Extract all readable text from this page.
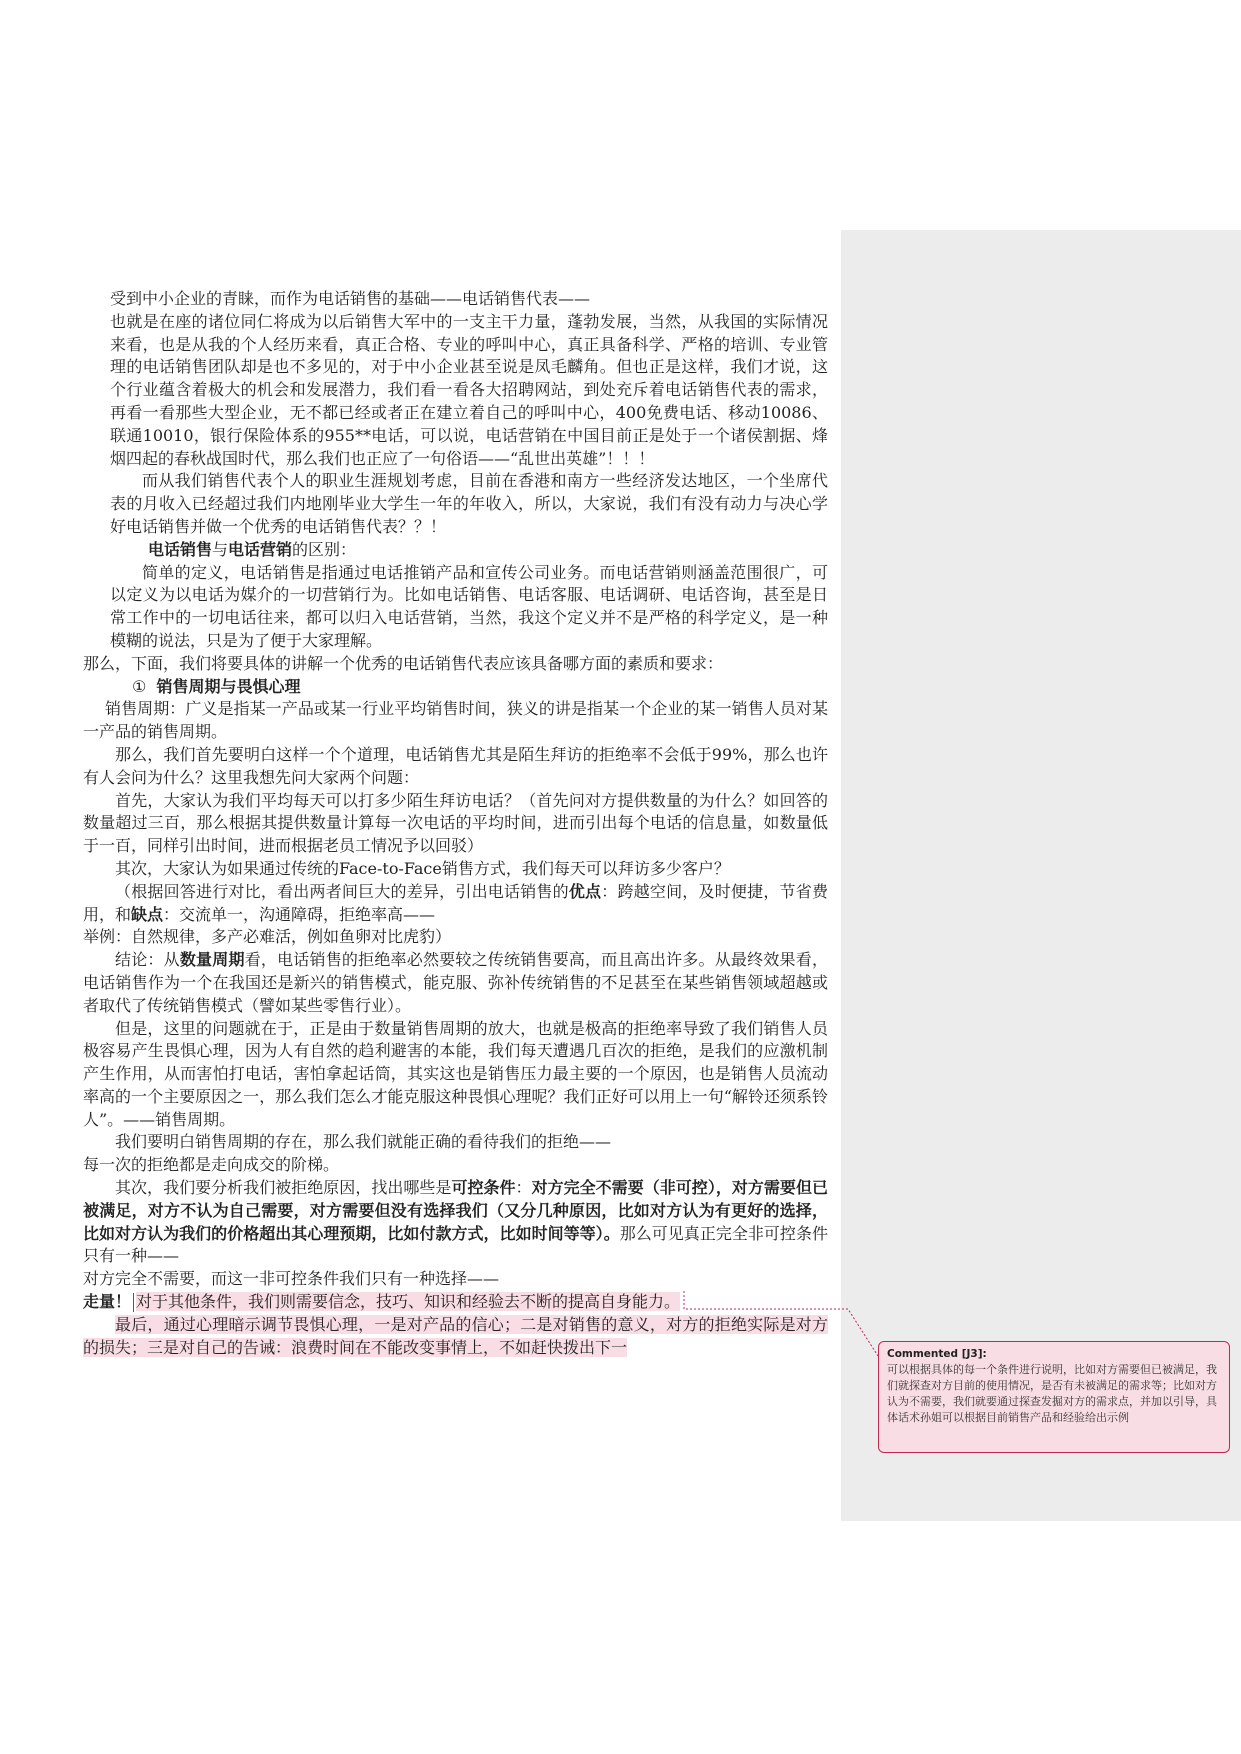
受到中小企业的青睐，而作为电话销售的基础——电话销售代表——

也就是在座的诸位同仁将成为以后销售大军中的一支主干力量，蓬勃发展，当然，从我国的实际情况来看，也是从我的个人经历来看，真正合格、专业的呼叫中心，真正具备科学、严格的培训、专业管理的电话销售团队却是也不多见的，对于中小企业甚至说是凤毛麟角。但也正是这样，我们才说，这个行业蕴含着极大的机会和发展潜力，我们看一看各大招聘网站，到处充斥着电话销售代表的需求，再看一看那些大型企业，无不都已经或者正在建立着自己的呼叫中心，400免费电话、移动10086、联通10010，银行保险体系的955**电话，可以说，电话营销在中国目前正是处于一个诸侯割据、烽烟四起的春秋战国时代，那么我们也正应了一句俗语——“乱世出英雄”！！！

而从我们销售代表个人的职业生涯规划考虑，目前在香港和南方一些经济发达地区，一个坐席代表的月收入已经超过我们内地刚毕业大学生一年的年收入，所以，大家说，我们有没有动力与决心学好电话销售并做一个优秀的电话销售代表？？！

电话销售与电话营销的区别：

简单的定义，电话销售是指通过电话推销产品和宣传公司业务。而电话营销则涵盖范围很广，可以定义为以电话为媒介的一切营销行为。比如电话销售、电话客服、电话调研、电话咨询，甚至是日常工作中的一切电话往来，都可以归入电话营销，当然，我这个定义并不是严格的科学定义，是一种模糊的说法，只是为了便于大家理解。

那么，下面，我们将要具体的讲解一个优秀的电话销售代表应该具备哪方面的素质和要求：

① 销售周期与畏惧心理

销售周期：广义是指某一产品或某一行业平均销售时间，狭义的讲是指某一个企业的某一销售人员对某一产品的销售周期。

那么，我们首先要明白这样一个个道理，电话销售尤其是陌生拜访的拒绝率不会低于99%，那么也许有人会问为什么？这里我想先问大家两个问题：

首先，大家认为我们平均每天可以打多少陌生拜访电话？（首先问对方提供数量的为什么？如回答的数量超过三百，那么根据其提供数量计算每一次电话的平均时间，进而引出每个电话的信息量，如数量低于一百，同样引出时间，进而根据老员工情况予以回驳）

其次，大家认为如果通过传统的Face-to-Face销售方式，我们每天可以拜访多少客户？

（根据回答进行对比，看出两者间巨大的差异，引出电话销售的优点：跨越空间，及时便捷，节省费用，和缺点：交流单一，沟通障碍，拒绝率高——

举例：自然规律，多产必难活，例如鱼卵对比虎豹）

结论：从数量周期看，电话销售的拒绝率必然要较之传统销售要高，而且高出许多。从最终效果看，电话销售作为一个在我国还是新兴的销售模式，能克服、弥补传统销售的不足甚至在某些销售领域超越或者取代了传统销售模式（譬如某些零售行业）。

但是，这里的问题就在于，正是由于数量销售周期的放大，也就是极高的拒绝率导致了我们销售人员极容易产生畏惧心理，因为人有自然的趋利避害的本能，我们每天遭遇几百次的拒绝，是我们的应激机制产生作用，从而害怕打电话，害怕拿起话筒，其实这也是销售压力最主要的一个原因，也是销售人员流动率高的一个主要原因之一，那么我们怎么才能克服这种畏惧心理呢？我们正好可以用上一句“解铃还须系铃人”。——销售周期。

我们要明白销售周期的存在，那么我们就能正确的看待我们的拒绝——

每一次的拒绝都是走向成交的阶梯。

其次，我们要分析我们被拒绝原因，找出哪些是可控条件：对方完全不需要（非可控），对方需要但已被满足，对方不认为自己需要，对方需要但没有选择我们（又分几种原因，比如对方认为有更好的选择，比如对方认为我们的价格超出其心理预期，比如付款方式，比如时间等等）。那么可见真正完全非可控条件只有一种——

对方完全不需要，而这一非可控条件我们只有一种选择——

走量！ 对于其他条件，我们则需要信念，技巧、知识和经验去不断的提高自身能力。

最后，通过心理暗示调节畏惧心理，一是对产品的信心；二是对销售的意义，对方的拒绝实际是对方的损失；三是对自己的告诫：浪费时间在不能改变事情上，不如赶快拨出下一	Commented [J3]:
可以根据具体的每一个条件进行说明，比如对方需要但已被满足，我们就探查对方目前的使用情况，是否有未被满足的需求等；比如对方认为不需要，我们就要通过探查发掘对方的需求点，并加以引导，具体话术孙姐可以根据目前销售产品和经验给出示例
